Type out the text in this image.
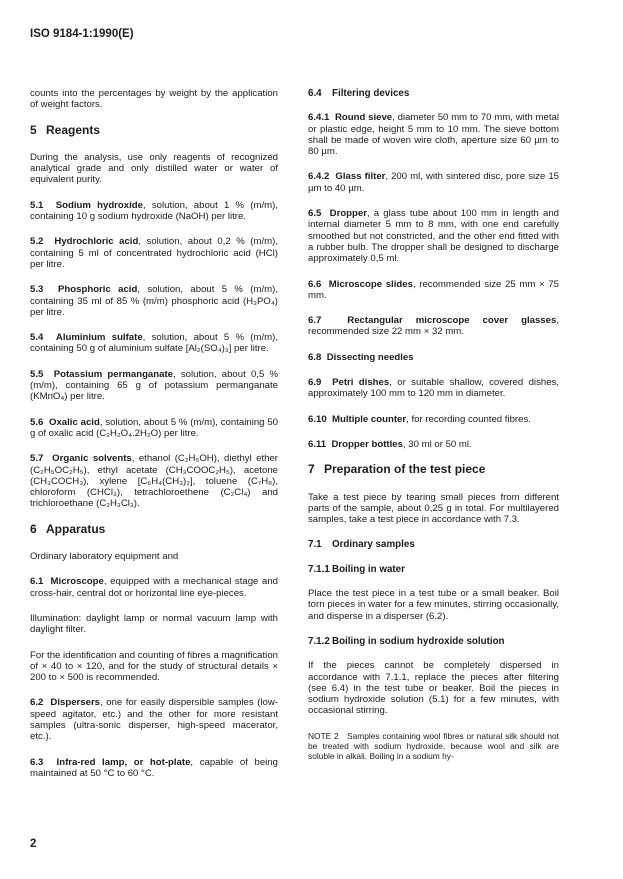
ISO 9184-1:1990(E)

counts into the percentages by weight by the application of weight factors.

5 Reagents

During the analysis, use only reagents of recognized analytical grade and only distilled water or water of equivalent purity.

5.1 Sodium hydroxide, solution, about 1 % (m/m), containing 10 g sodium hydroxide (NaOH) per litre.

5.2 Hydrochloric acid, solution, about 0,2 % (m/m), containing 5 ml of concentrated hydrochloric acid (HCl) per litre.

5.3 Phosphoric acid, solution, about 5 % (m/m), containing 35 ml of 85 % (m/m) phosphoric acid (H₃PO₄) per litre.

5.4 Aluminium sulfate, solution, about 5 % (m/m), containing 50 g of aluminium sulfate [Al₂(SO₄)₃] per litre.

5.5 Potassium permanganate, solution, about 0,5 % (m/m), containing 65 g of potassium permanganate (KMnO₄) per litre.

5.6 Oxalic acid, solution, about 5 % (m/m), containing 50 g of oxalic acid (C₂H₂O₄.2H₂O) per litre.

5.7 Organic solvents, ethanol (C₂H₅OH), diethyl ether (C₂H₅OC₂H₅), ethyl acetate (CH₃COOC₂H₅), acetone (CH₃COCH₃), xylene [C₆H₄(CH₃)₂], toluene (C₇H₈), chloroform (CHCl₃), tetrachloroethene (C₂Cl₄) and trichloroethane (C₂H₃Cl₃).

6 Apparatus

Ordinary laboratory equipment and

6.1 Microscope, equipped with a mechanical stage and cross-hair, central dot or horizontal line eye-pieces.

Illumination: daylight lamp or normal vacuum lamp with daylight filter.

For the identification and counting of fibres a magnification of × 40 to × 120, and for the study of structural details × 200 to × 500 is recommended.

6.2 Dispersers, one for easily dispersible samples (low-speed agitator, etc.) and the other for more resistant samples (ultra-sonic disperser, high-speed macerator, etc.).

6.3 Infra-red lamp, or hot-plate, capable of being maintained at 50 °C to 60 °C.

6.4 Filtering devices

6.4.1 Round sieve, diameter 50 mm to 70 mm, with metal or plastic edge, height 5 mm to 10 mm. The sieve bottom shall be made of woven wire cloth, aperture size 60 µm to 80 µm.

6.4.2 Glass filter, 200 ml, with sintered disc, pore size 15 µm to 40 µm.

6.5 Dropper, a glass tube about 100 mm in length and internal diameter 5 mm to 8 mm, with one end carefully smoothed but not constricted, and the other end fitted with a rubber bulb. The dropper shall be designed to discharge approximately 0,5 ml.

6.6 Microscope slides, recommended size 25 mm × 75 mm.

6.7	Rectangular microscope cover glasses, recommended size 22 mm × 32 mm.

6.8 Dissecting needles

6.9 Petri dishes, or suitable shallow, covered dishes, approximately 100 mm to 120 mm in diameter.

6.10 Multiple counter, for recording counted fibres.

6.11 Dropper bottles, 30 ml or 50 ml.

7 Preparation of the test piece

Take a test piece by tearing small pieces from different parts of the sample, about 0,25 g in total. For multilayered samples, take a test piece in accordance with 7.3.

7.1 Ordinary samples
7.1.1 Boiling in water

Place the test piece in a test tube or a small beaker. Boil torn pieces in water for a few minutes, stirring occasionally, and disperse in a disperser (6.2).

7.1.2 Boiling in sodium hydroxide solution

If the pieces cannot be completely dispersed in accordance with 7.1.1, replace the pieces after filtering (see 6.4) in the test tube or beaker. Boil the pieces in sodium hydroxide solution (5.1) for a few minutes, with occasional stirring.

NOTE 2 Samples containing wool fibres or natural silk should not be treated with sodium hydroxide, because wool and silk are soluble in alkali. Boiling in a sodium hy-

2
